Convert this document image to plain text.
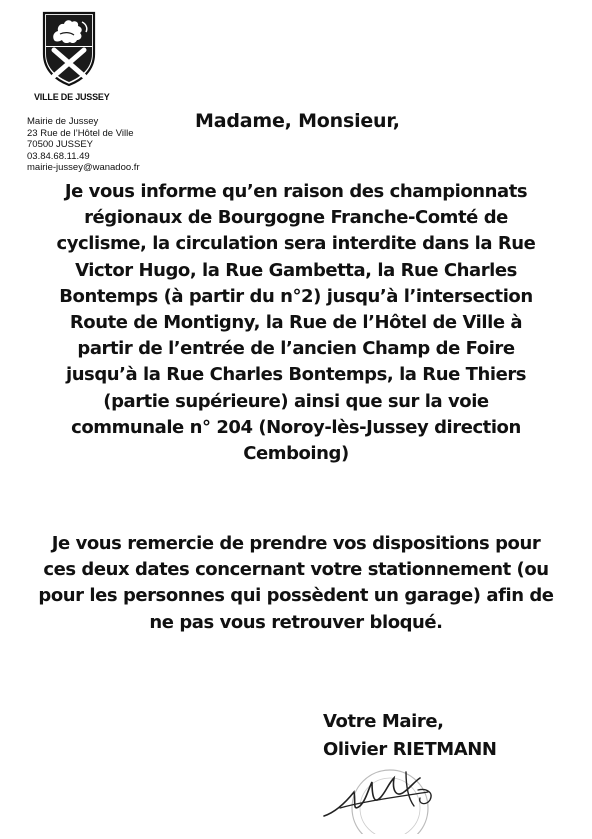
VILLE DE JUSSEY
Mairie de Jussey
23 Rue de l’Hôtel de Ville
70500 JUSSEY
03.84.68.11.49
mairie-jussey@wanadoo.fr
Madame, Monsieur,
Je vous informe qu’en raison des championnats
régionaux de Bourgogne Franche-Comté de
cyclisme, la circulation sera interdite dans la Rue
Victor Hugo, la Rue Gambetta, la Rue Charles
Bontemps (à partir du n°2) jusqu’à l’intersection
Route de Montigny, la Rue de l’Hôtel de Ville à
partir de l’entrée de l’ancien Champ de Foire
jusqu’à la Rue Charles Bontemps, la Rue Thiers
(partie supérieure) ainsi que sur la voie
communale n° 204 (Noroy-lès-Jussey direction
Cemboing)
Je vous remercie de prendre vos dispositions pour
ces deux dates concernant votre stationnement (ou
pour les personnes qui possèdent un garage) afin de
ne pas vous retrouver bloqué.
Votre Maire,
Olivier RIETMANN
